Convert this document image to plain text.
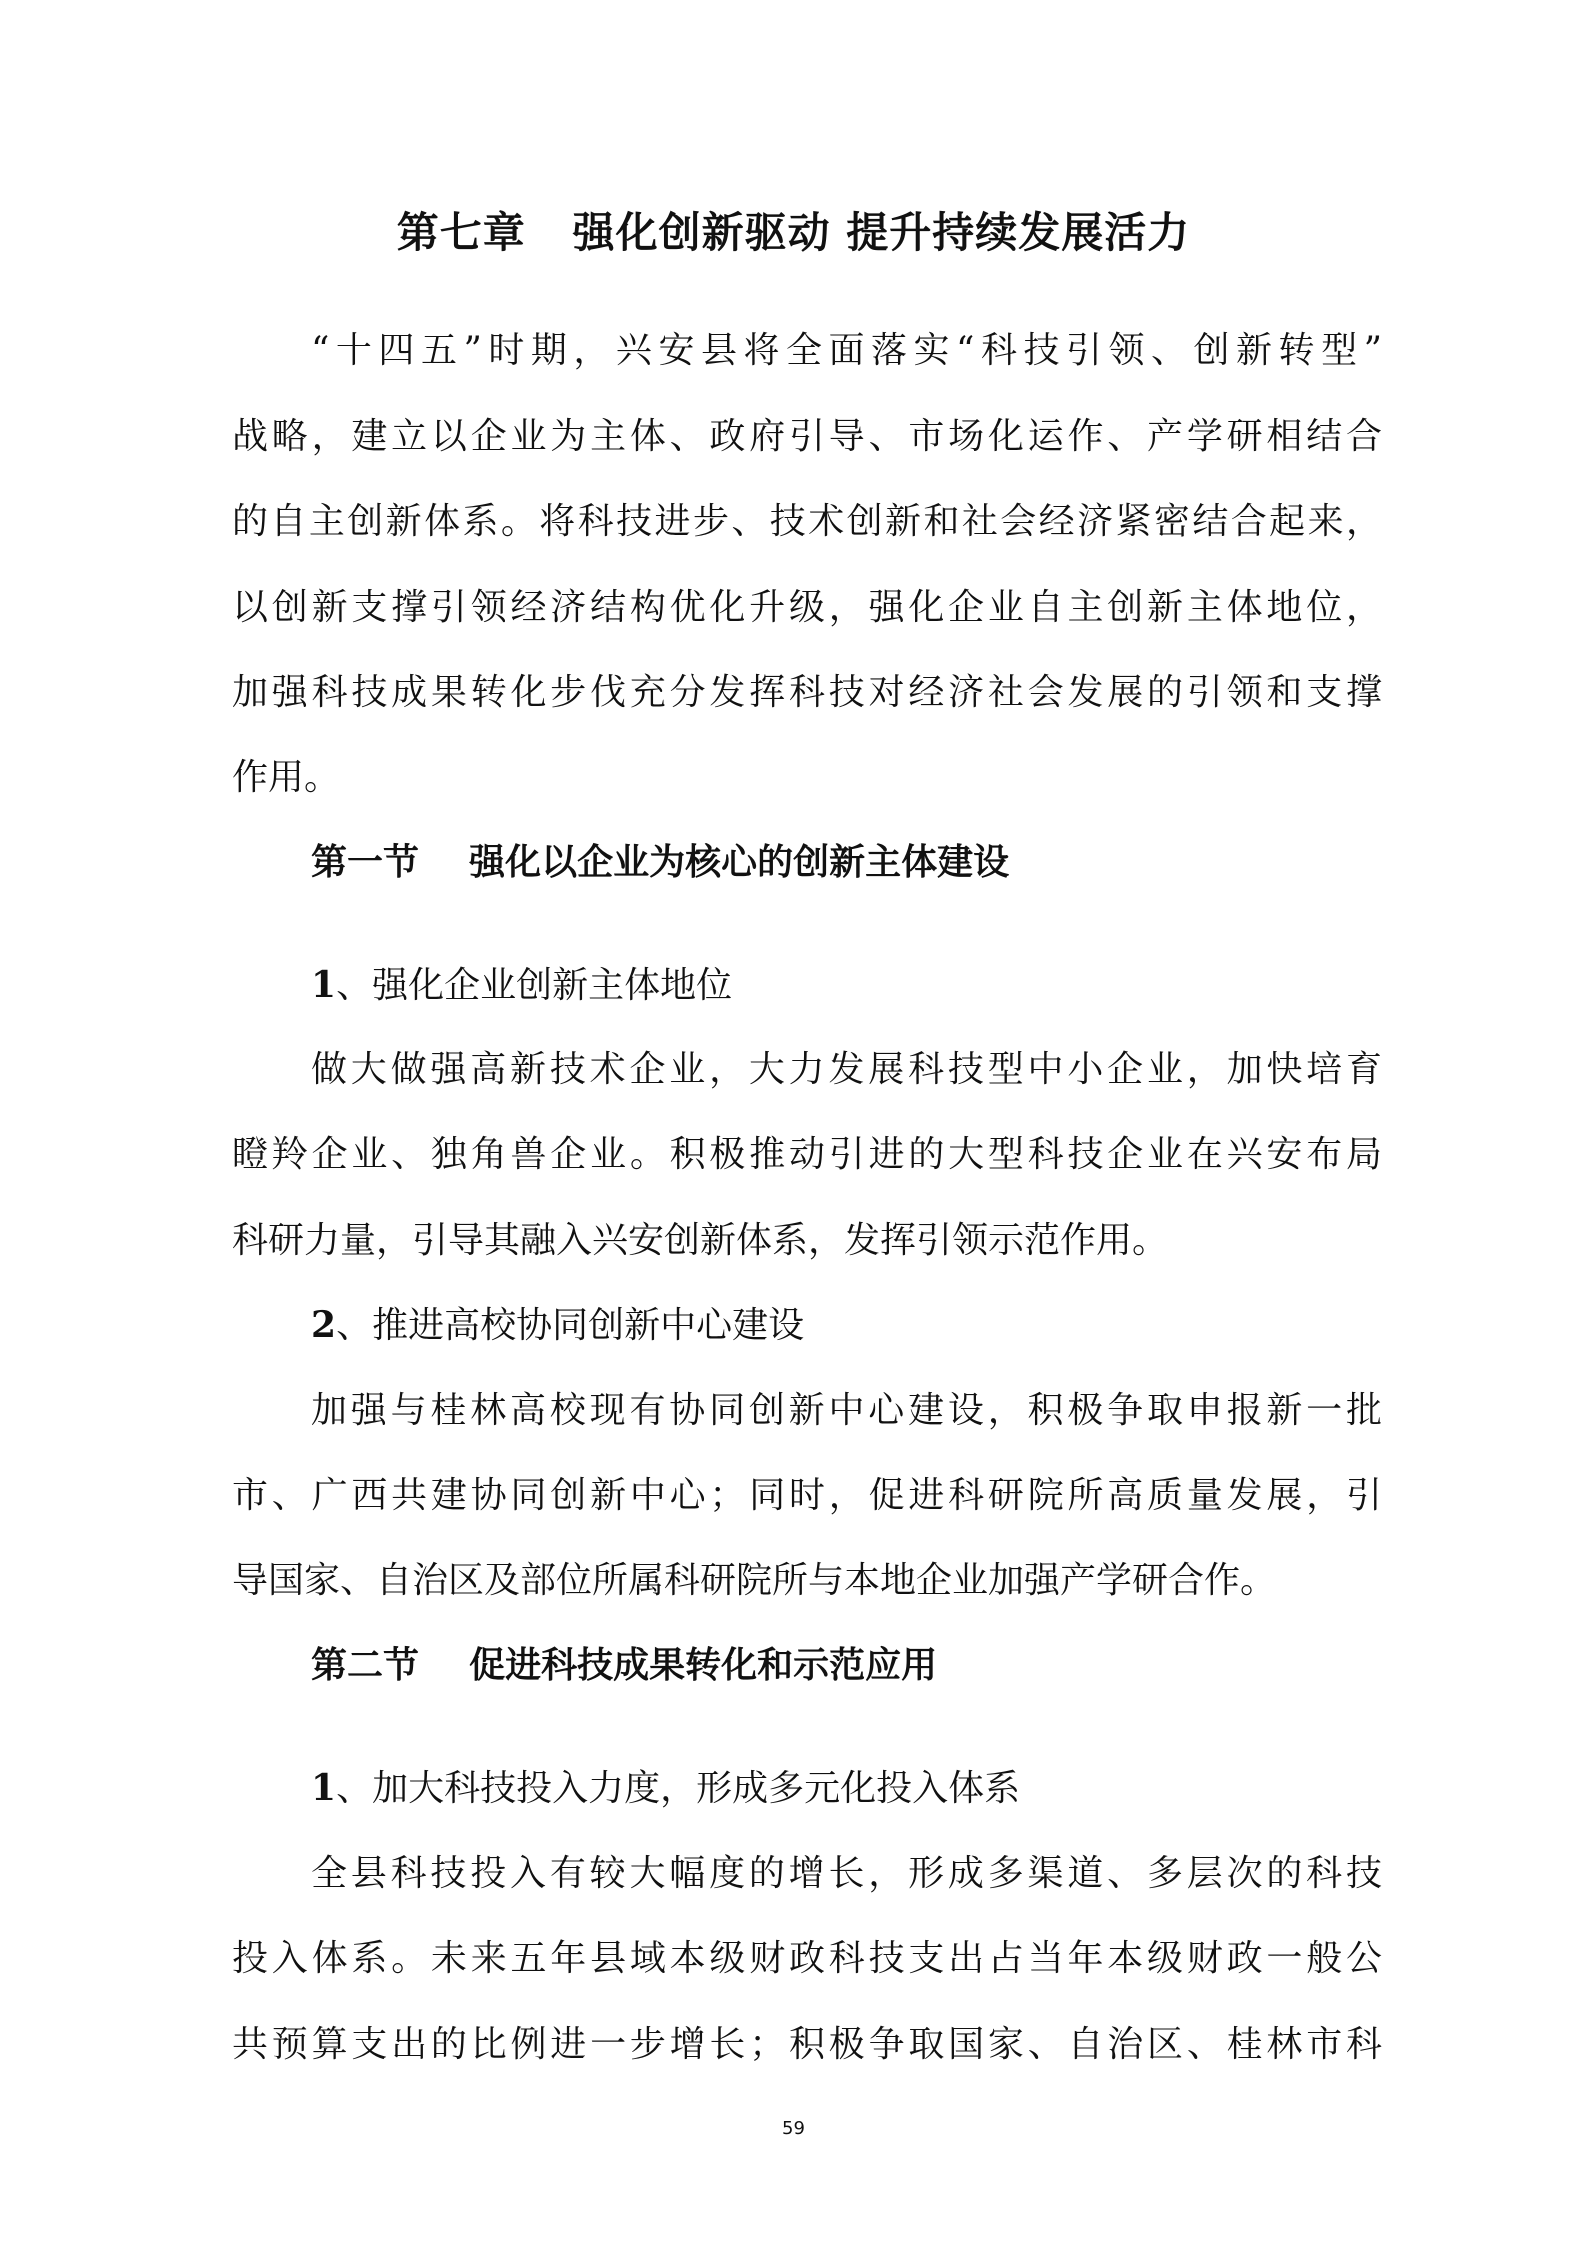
第七章   强化创新驱动 提升持续发展活力
“十四五”时期，兴安县将全面落实“科技引领、创新转型”
战略，建立以企业为主体、政府引导、市场化运作、产学研相结合
的自主创新体系。将科技进步、技术创新和社会经济紧密结合起来，
以创新支撑引领经济结构优化升级，强化企业自主创新主体地位，
加强科技成果转化步伐充分发挥科技对经济社会发展的引领和支撑
作用。
第一节    强化以企业为核心的创新主体建设
1、强化企业创新主体地位
做大做强高新技术企业，大力发展科技型中小企业，加快培育
瞪羚企业、独角兽企业。积极推动引进的大型科技企业在兴安布局
科研力量，引导其融入兴安创新体系，发挥引领示范作用。
2、推进高校协同创新中心建设
加强与桂林高校现有协同创新中心建设，积极争取申报新一批
市、广西共建协同创新中心；同时，促进科研院所高质量发展，引
导国家、自治区及部位所属科研院所与本地企业加强产学研合作。
第二节    促进科技成果转化和示范应用
1、加大科技投入力度，形成多元化投入体系
全县科技投入有较大幅度的增长，形成多渠道、多层次的科技
投入体系。未来五年县域本级财政科技支出占当年本级财政一般公
共预算支出的比例进一步增长；积极争取国家、自治区、桂林市科
59
